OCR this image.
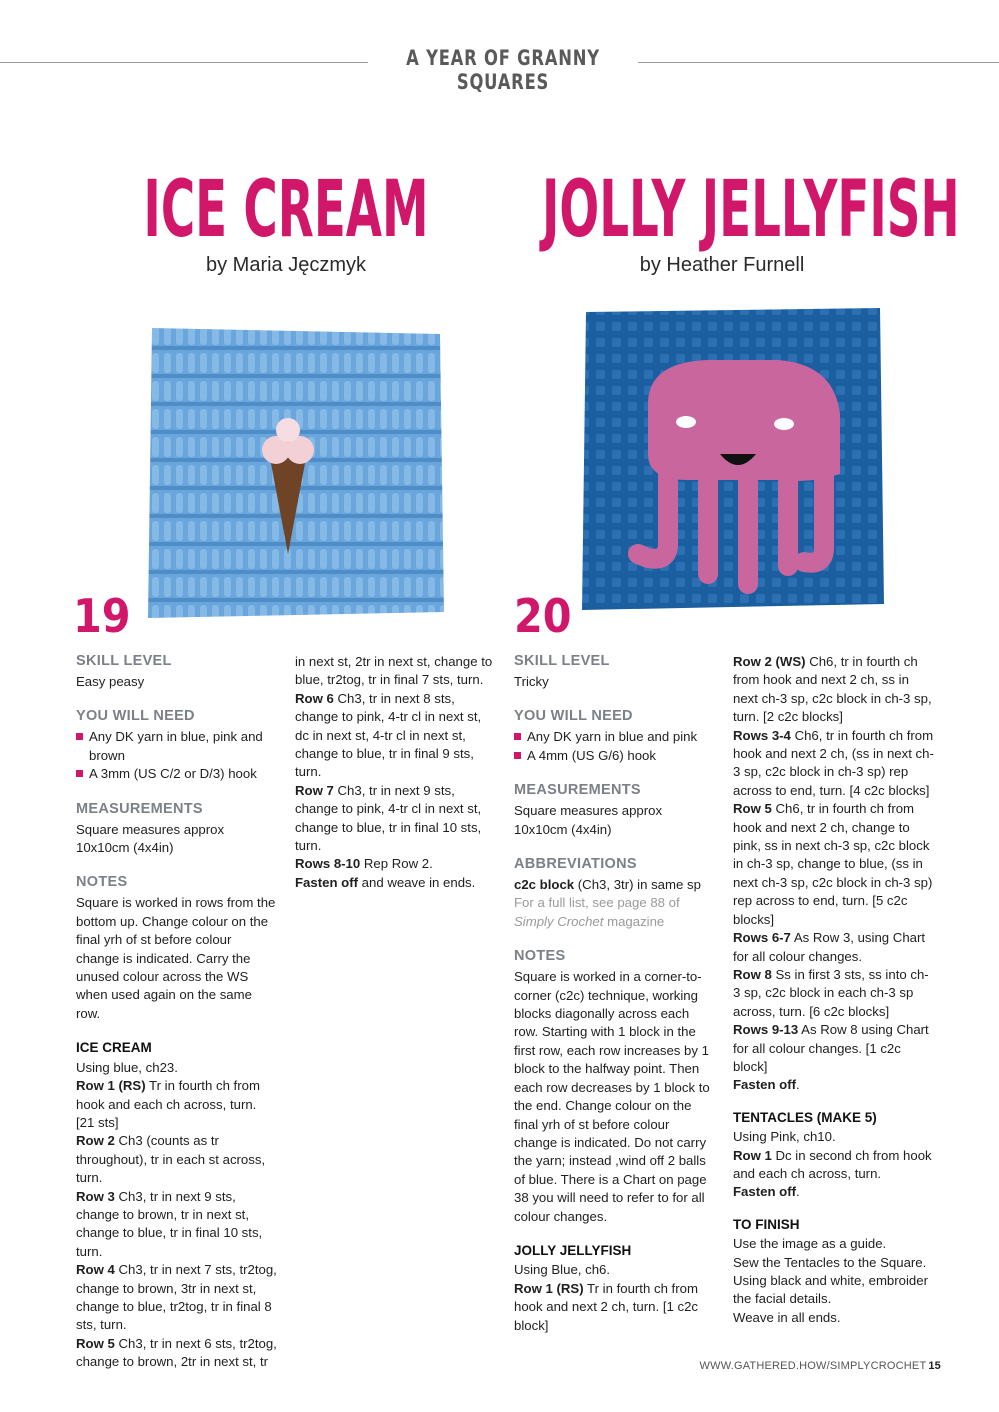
A YEAR OF GRANNY SQUARES
ICE CREAM
by Maria Jęczmyk
JOLLY JELLYFISH
by Heather Furnell
19	20
SKILL LEVEL

Easy peasy

YOU WILL NEED

Any DK yarn in blue, pink and brown

A 3mm (US C/2 or D/3) hook

MEASUREMENTS

Square measures approx 10x10cm (4x4in)

NOTES

Square is worked in rows from the bottom up. Change colour on the final yrh of st before colour change is indicated. Carry the unused colour across the WS when used again on the same row.

ICE CREAM

Using blue, ch23.

Row 1 (RS) Tr in fourth ch from hook and each ch across, turn. [21 sts]

Row 2 Ch3 (counts as tr throughout), tr in each st across, turn.

Row 3 Ch3, tr in next 9 sts, change to brown, tr in next st, change to blue, tr in final 10 sts, turn.

Row 4 Ch3, tr in next 7 sts, tr2tog, change to brown, 3tr in next st, change to blue, tr2tog, tr in final 8 sts, turn.

Row 5 Ch3, tr in next 6 sts, tr2tog, change to brown, 2tr in next st, tr

in next st, 2tr in next st, change to blue, tr2tog, tr in final 7 sts, turn.

Row 6 Ch3, tr in next 8 sts, change to pink, 4-tr cl in next st, dc in next st, 4-tr cl in next st, change to blue, tr in final 9 sts, turn.

Row 7 Ch3, tr in next 9 sts, change to pink, 4-tr cl in next st, change to blue, tr in final 10 sts, turn.

Rows 8-10 Rep Row 2.

Fasten off and weave in ends.

SKILL LEVEL

Tricky

YOU WILL NEED

Any DK yarn in blue and pink

A 4mm (US G/6) hook

MEASUREMENTS

Square measures approx 10x10cm (4x4in)

ABBREVIATIONS

c2c block (Ch3, 3tr) in same sp

For a full list, see page 88 of Simply Crochet magazine

NOTES

Square is worked in a corner-to-corner (c2c) technique, working blocks diagonally across each row. Starting with 1 block in the first row, each row increases by 1 block to the halfway point. Then each row decreases by 1 block to the end. Change colour on the final yrh of st before colour change is indicated. Do not carry the yarn; instead ,wind off 2 balls of blue. There is a Chart on page 38 you will need to refer to for all colour changes.

JOLLY JELLYFISH

Using Blue, ch6.

Row 1 (RS) Tr in fourth ch from hook and next 2 ch, turn. [1 c2c block]

Row 2 (WS) Ch6, tr in fourth ch from hook and next 2 ch, ss in next ch-3 sp, c2c block in ch-3 sp, turn. [2 c2c blocks]

Rows 3-4 Ch6, tr in fourth ch from hook and next 2 ch, (ss in next ch-3 sp, c2c block in ch-3 sp) rep across to end, turn. [4 c2c blocks]

Row 5 Ch6, tr in fourth ch from hook and next 2 ch, change to pink, ss in next ch-3 sp, c2c block in ch-3 sp, change to blue, (ss in next ch-3 sp, c2c block in ch-3 sp) rep across to end, turn. [5 c2c blocks]

Rows 6-7 As Row 3, using Chart for all colour changes.

Row 8 Ss in first 3 sts, ss into ch-3 sp, c2c block in each ch-3 sp across, turn. [6 c2c blocks]

Rows 9-13 As Row 8 using Chart for all colour changes. [1 c2c block]

Fasten off.

TENTACLES (MAKE 5)

Using Pink, ch10.

Row 1 Dc in second ch from hook and each ch across, turn.

Fasten off.

TO FINISH

Use the image as a guide.

Sew the Tentacles to the Square.

Using black and white, embroider the facial details.

Weave in all ends.

WWW.GATHERED.HOW/SIMPLYCROCHET 15
